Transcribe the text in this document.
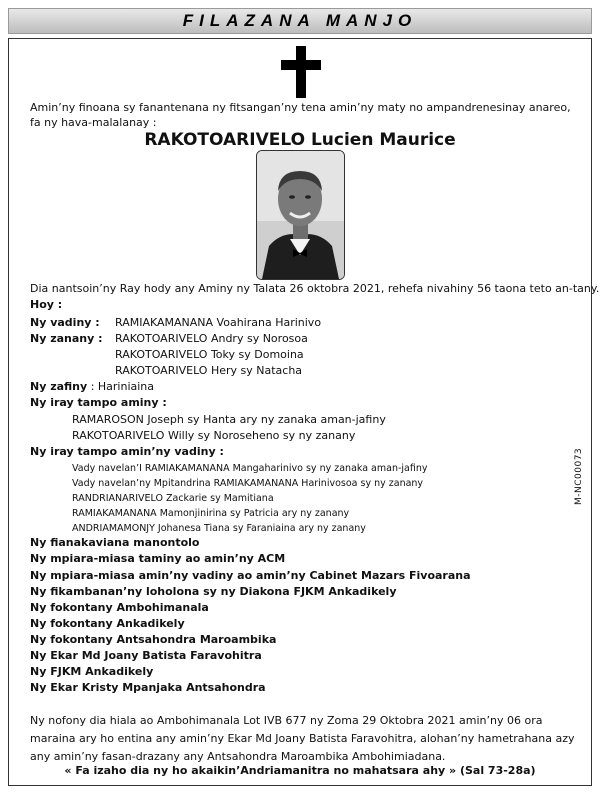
FILAZANA MANJO
Amin’ny finoana sy fanantenana ny fitsangan’ny tena amin’ny maty no ampandrenesinay anareo, fa ny hava-malalanay :
RAKOTOARIVELO Lucien Maurice
Dia nantsoin’ny Ray hody any Aminy ny Talata 26 oktobra 2021, rehefa nivahiny 56 taona teto an-tany.
Hoy :
Ny vadiny : RAMIAKAMANANA Voahirana Harinivo
Ny zanany : RAKOTOARIVELO Andry sy Norosoa
RAKOTOARIVELO Toky sy Domoina
RAKOTOARIVELO Hery sy Natacha
Ny zafiny : Hariniaina
Ny iray tampo aminy :
RAMAROSON Joseph sy Hanta ary ny zanaka aman-jafiny
RAKOTOARIVELO Willy sy Noroseheno sy ny zanany
Ny iray tampo amin’ny vadiny :
Vady navelan’I RAMIAKAMANANA Mangaharinivo sy ny zanaka aman-jafiny
Vady navelan’ny Mpitandrina RAMIAKAMANANA Harinivosoa sy ny zanany
RANDRIANARIVELO Zackarie sy Mamitiana
RAMIAKAMANANA Mamonjinirina sy Patricia ary ny zanany
ANDRIAMAMONJY Johanesa Tiana sy Faraniaina ary ny zanany
Ny fianakaviana manontolo
Ny mpiara-miasa taminy ao amin’ny ACM
Ny mpiara-miasa amin’ny vadiny ao amin’ny Cabinet Mazars Fivoarana
Ny fikambanan’ny loholona sy ny Diakona FJKM Ankadikely
Ny fokontany Ambohimanala
Ny fokontany Ankadikely
Ny fokontany Antsahondra Maroambika
Ny Ekar Md Joany Batista Faravohitra
Ny FJKM Ankadikely
Ny Ekar Kristy Mpanjaka Antsahondra
M-NC00073
Ny nofony dia hiala ao Ambohimanala Lot IVB 677 ny Zoma 29 Oktobra 2021 amin’ny 06 ora maraina ary ho entina any amin’ny Ekar Md Joany Batista Faravohitra, alohan’ny hametrahana azy any amin’ny fasan-drazany any Antsahondra Maroambika Ambohimiadana.
« Fa izaho dia ny ho akaikin’Andriamanitra no mahatsara ahy » (Sal 73-28a)
